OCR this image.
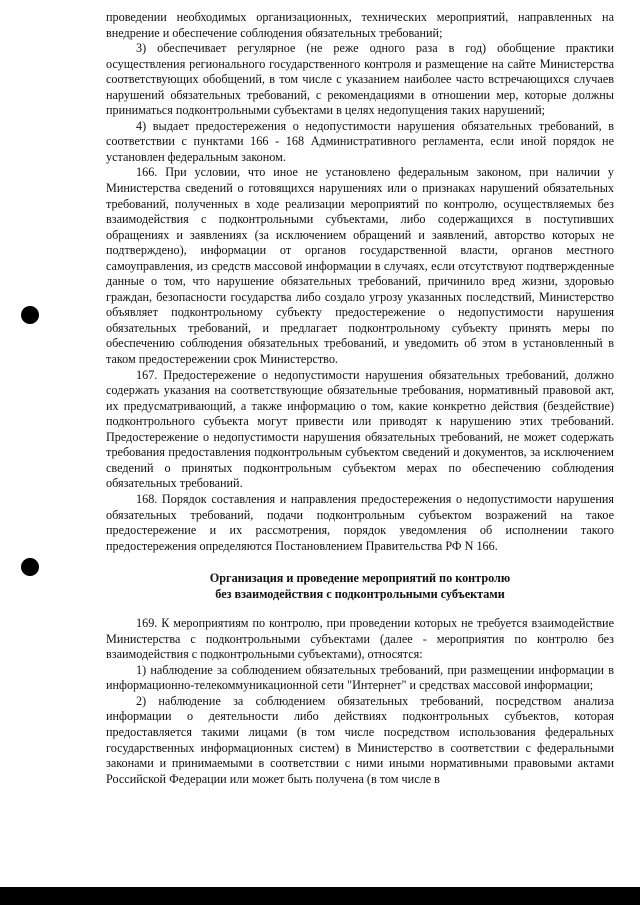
проведении необходимых организационных, технических мероприятий, направленных на внедрение и обеспечение соблюдения обязательных требований;

3) обеспечивает регулярное (не реже одного раза в год) обобщение практики осуществления регионального государственного контроля и размещение на сайте Министерства соответствующих обобщений, в том числе с указанием наиболее часто встречающихся случаев нарушений обязательных требований, с рекомендациями в отношении мер, которые должны приниматься подконтрольными субъектами в целях недопущения таких нарушений;

4) выдает предостережения о недопустимости нарушения обязательных требований, в соответствии с пунктами 166 - 168 Административного регламента, если иной порядок не установлен федеральным законом.

166. При условии, что иное не установлено федеральным законом, при наличии у Министерства сведений о готовящихся нарушениях или о признаках нарушений обязательных требований, полученных в ходе реализации мероприятий по контролю, осуществляемых без взаимодействия с подконтрольными субъектами, либо содержащихся в поступивших обращениях и заявлениях (за исключением обращений и заявлений, авторство которых не подтверждено), информации от органов государственной власти, органов местного самоуправления, из средств массовой информации в случаях, если отсутствуют подтвержденные данные о том, что нарушение обязательных требований, причинило вред жизни, здоровью граждан, безопасности государства либо создало угрозу указанных последствий, Министерство объявляет подконтрольному субъекту предостережение о недопустимости нарушения обязательных требований, и предлагает подконтрольному субъекту принять меры по обеспечению соблюдения обязательных требований, и уведомить об этом в установленный в таком предостережении срок Министерство.

167. Предостережение о недопустимости нарушения обязательных требований, должно содержать указания на соответствующие обязательные требования, нормативный правовой акт, их предусматривающий, а также информацию о том, какие конкретно действия (бездействие) подконтрольного субъекта могут привести или приводят к нарушению этих требований. Предостережение о недопустимости нарушения обязательных требований, не может содержать требования предоставления подконтрольным субъектом сведений и документов, за исключением сведений о принятых подконтрольным субъектом мерах по обеспечению соблюдения обязательных требований.

168. Порядок составления и направления предостережения о недопустимости нарушения обязательных требований, подачи подконтрольным субъектом возражений на такое предостережение и их рассмотрения, порядок уведомления об исполнении такого предостережения определяются Постановлением Правительства РФ N 166.

Организация и проведение мероприятий по контролю
без взаимодействия с подконтрольными субъектами

169. К мероприятиям по контролю, при проведении которых не требуется взаимодействие Министерства с подконтрольными субъектами (далее - мероприятия по контролю без взаимодействия с подконтрольными субъектами), относятся:

1) наблюдение за соблюдением обязательных требований, при размещении информации в информационно-телекоммуникационной сети "Интернет" и средствах массовой информации;

2) наблюдение за соблюдением обязательных требований, посредством анализа информации о деятельности либо действиях подконтрольных субъектов, которая предоставляется такими лицами (в том числе посредством использования федеральных государственных информационных систем) в Министерство в соответствии с федеральными законами и принимаемыми в соответствии с ними иными нормативными правовыми актами Российской Федерации или может быть получена (в том числе в
